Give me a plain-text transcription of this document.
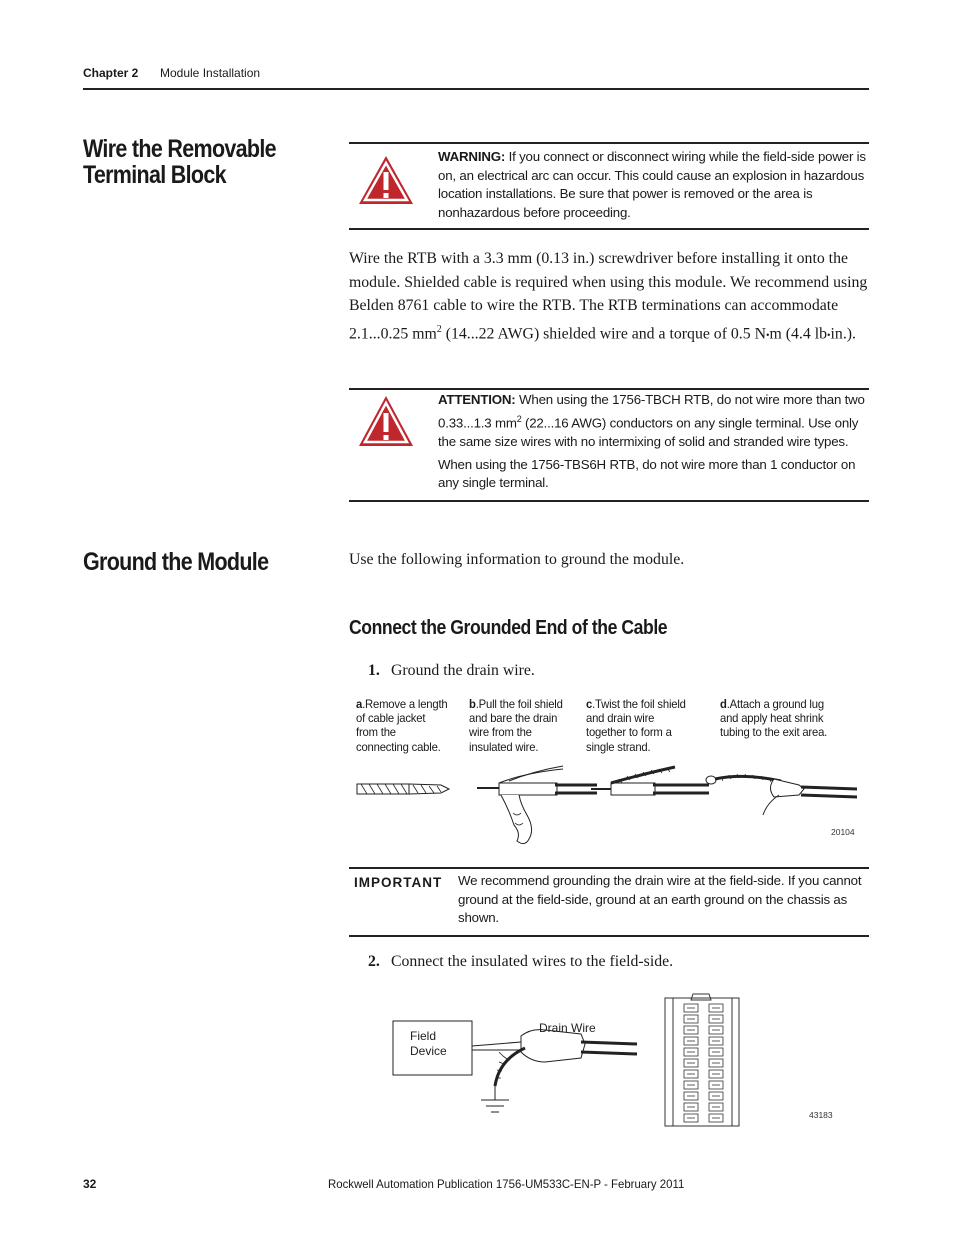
Chapter 2 Module Installation
Wire the Removable
Terminal Block
WARNING: If you connect or disconnect wiring while the field-side power is on, an electrical arc can occur. This could cause an explosion in hazardous location installations. Be sure that power is removed or the area is nonhazardous before proceeding.
Wire the RTB with a 3.3 mm (0.13 in.) screwdriver before installing it onto the module. Shielded cable is required when using this module. We recommend using Belden 8761 cable to wire the RTB. The RTB terminations can accommodate 2.1...0.25 $mm^2$ (14...22 AWG) shielded wire and a torque of 0.5 N•m (4.4 lb•in.).
ATTENTION: When using the 1756-TBCH RTB, do not wire more than two 0.33...1.3 $mm^2$ (22...16 AWG) conductors on any single terminal. Use only the same size wires with no intermixing of solid and stranded wire types.
When using the 1756-TBS6H RTB, do not wire more than 1 conductor on any single terminal.
Ground the Module	Use the following information to ground the module.
Connect the Grounded End of the Cable
1. Ground the drain wire.
a.Remove a length of cable jacket from the connecting cable.
b.Pull the foil shield and bare the drain wire from the insulated wire.
c.Twist the foil shield and drain wire together to form a single strand.
d.Attach a ground lug and apply heat shrink tubing to the exit area.
20104
IMPORTANT We recommend grounding the drain wire at the field-side. If you cannot ground at the field-side, ground at an earth ground on the chassis as shown.
2. Connect the insulated wires to the field-side.
Field
Device
Drain Wire
43183
32	Rockwell Automation Publication 1756-UM533C-EN-P - February 2011
